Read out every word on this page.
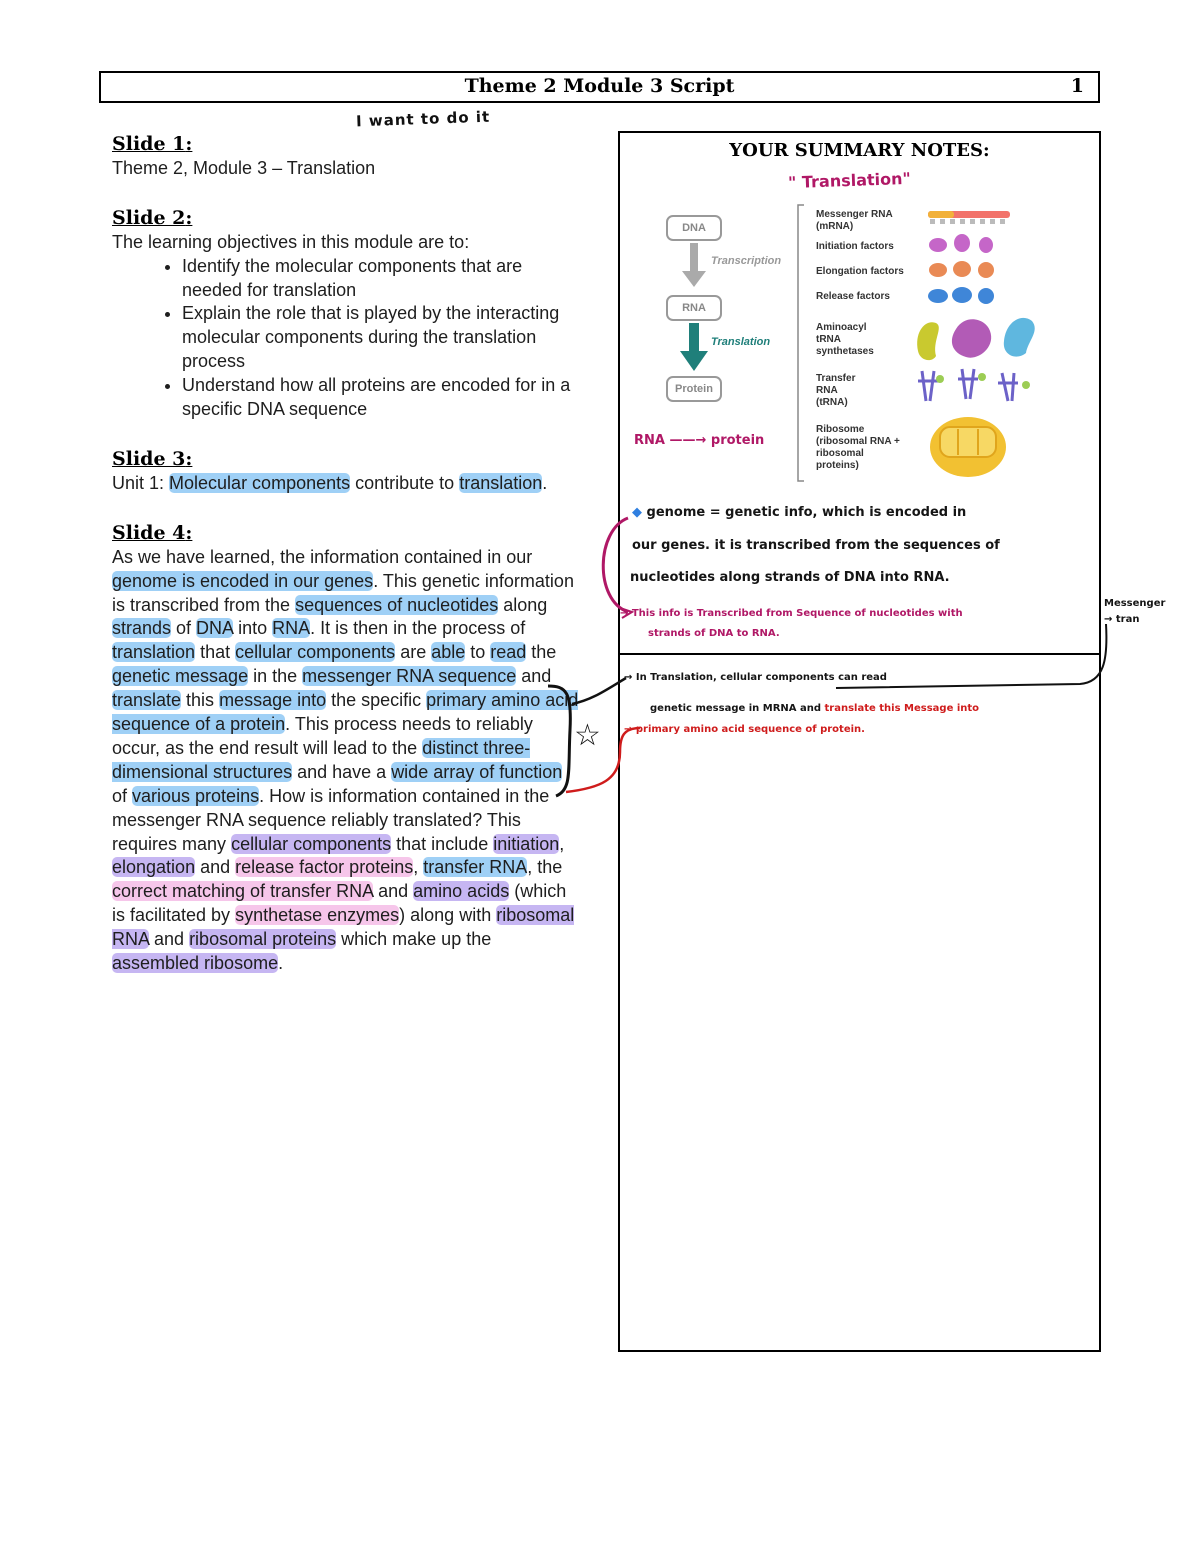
Theme 2 Module 3 Script	1
I want to do it
Slide 1:
Theme 2, Module 3 – Translation
Slide 2:
The learning objectives in this module are to:
• Identify the molecular components that are needed for translation
• Explain the role that is played by the interacting molecular components during the translation process
• Understand how all proteins are encoded for in a specific DNA sequence
Slide 3:
Unit 1: Molecular components contribute to translation.
Slide 4:
As we have learned, the information contained in our genome is encoded in our genes. This genetic information is transcribed from the sequences of nucleotides along strands of DNA into RNA. It is then in the process of translation that cellular components are able to read the genetic message in the messenger RNA sequence and translate this message into the specific primary amino acid sequence of a protein. This process needs to reliably occur, as the end result will lead to the distinct three-dimensional structures and have a wide array of function of various proteins. How is information contained in the messenger RNA sequence reliably translated? This requires many cellular components that include initiation, elongation and release factor proteins, transfer RNA, the correct matching of transfer RNA and amino acids (which is facilitated by synthetase enzymes) along with ribosomal RNA and ribosomal proteins which make up the assembled ribosome.
YOUR SUMMARY NOTES:
" Translation"
DNA
RNA
Protein
Transcription
Translation
Messenger RNA
(mRNA)
Initiation factors
Elongation factors
Release factors
Aminoacyl
tRNA
synthetases
Transfer
RNA
(tRNA)
Ribosome
(ribosomal RNA +
ribosomal
proteins)
RNA ——→ protein
◆ genome = genetic info, which is encoded in
our genes. it is transcribed from the sequences of
nucleotides along strands of DNA into RNA.
→ This info is Transcribed from Sequence of nucleotides with
strands of DNA to RNA.
Messenger
→ tran
→ In Translation, cellular components can read
genetic message in MRNA and translate this Message into
→ primary amino acid sequence of protein.
☆
